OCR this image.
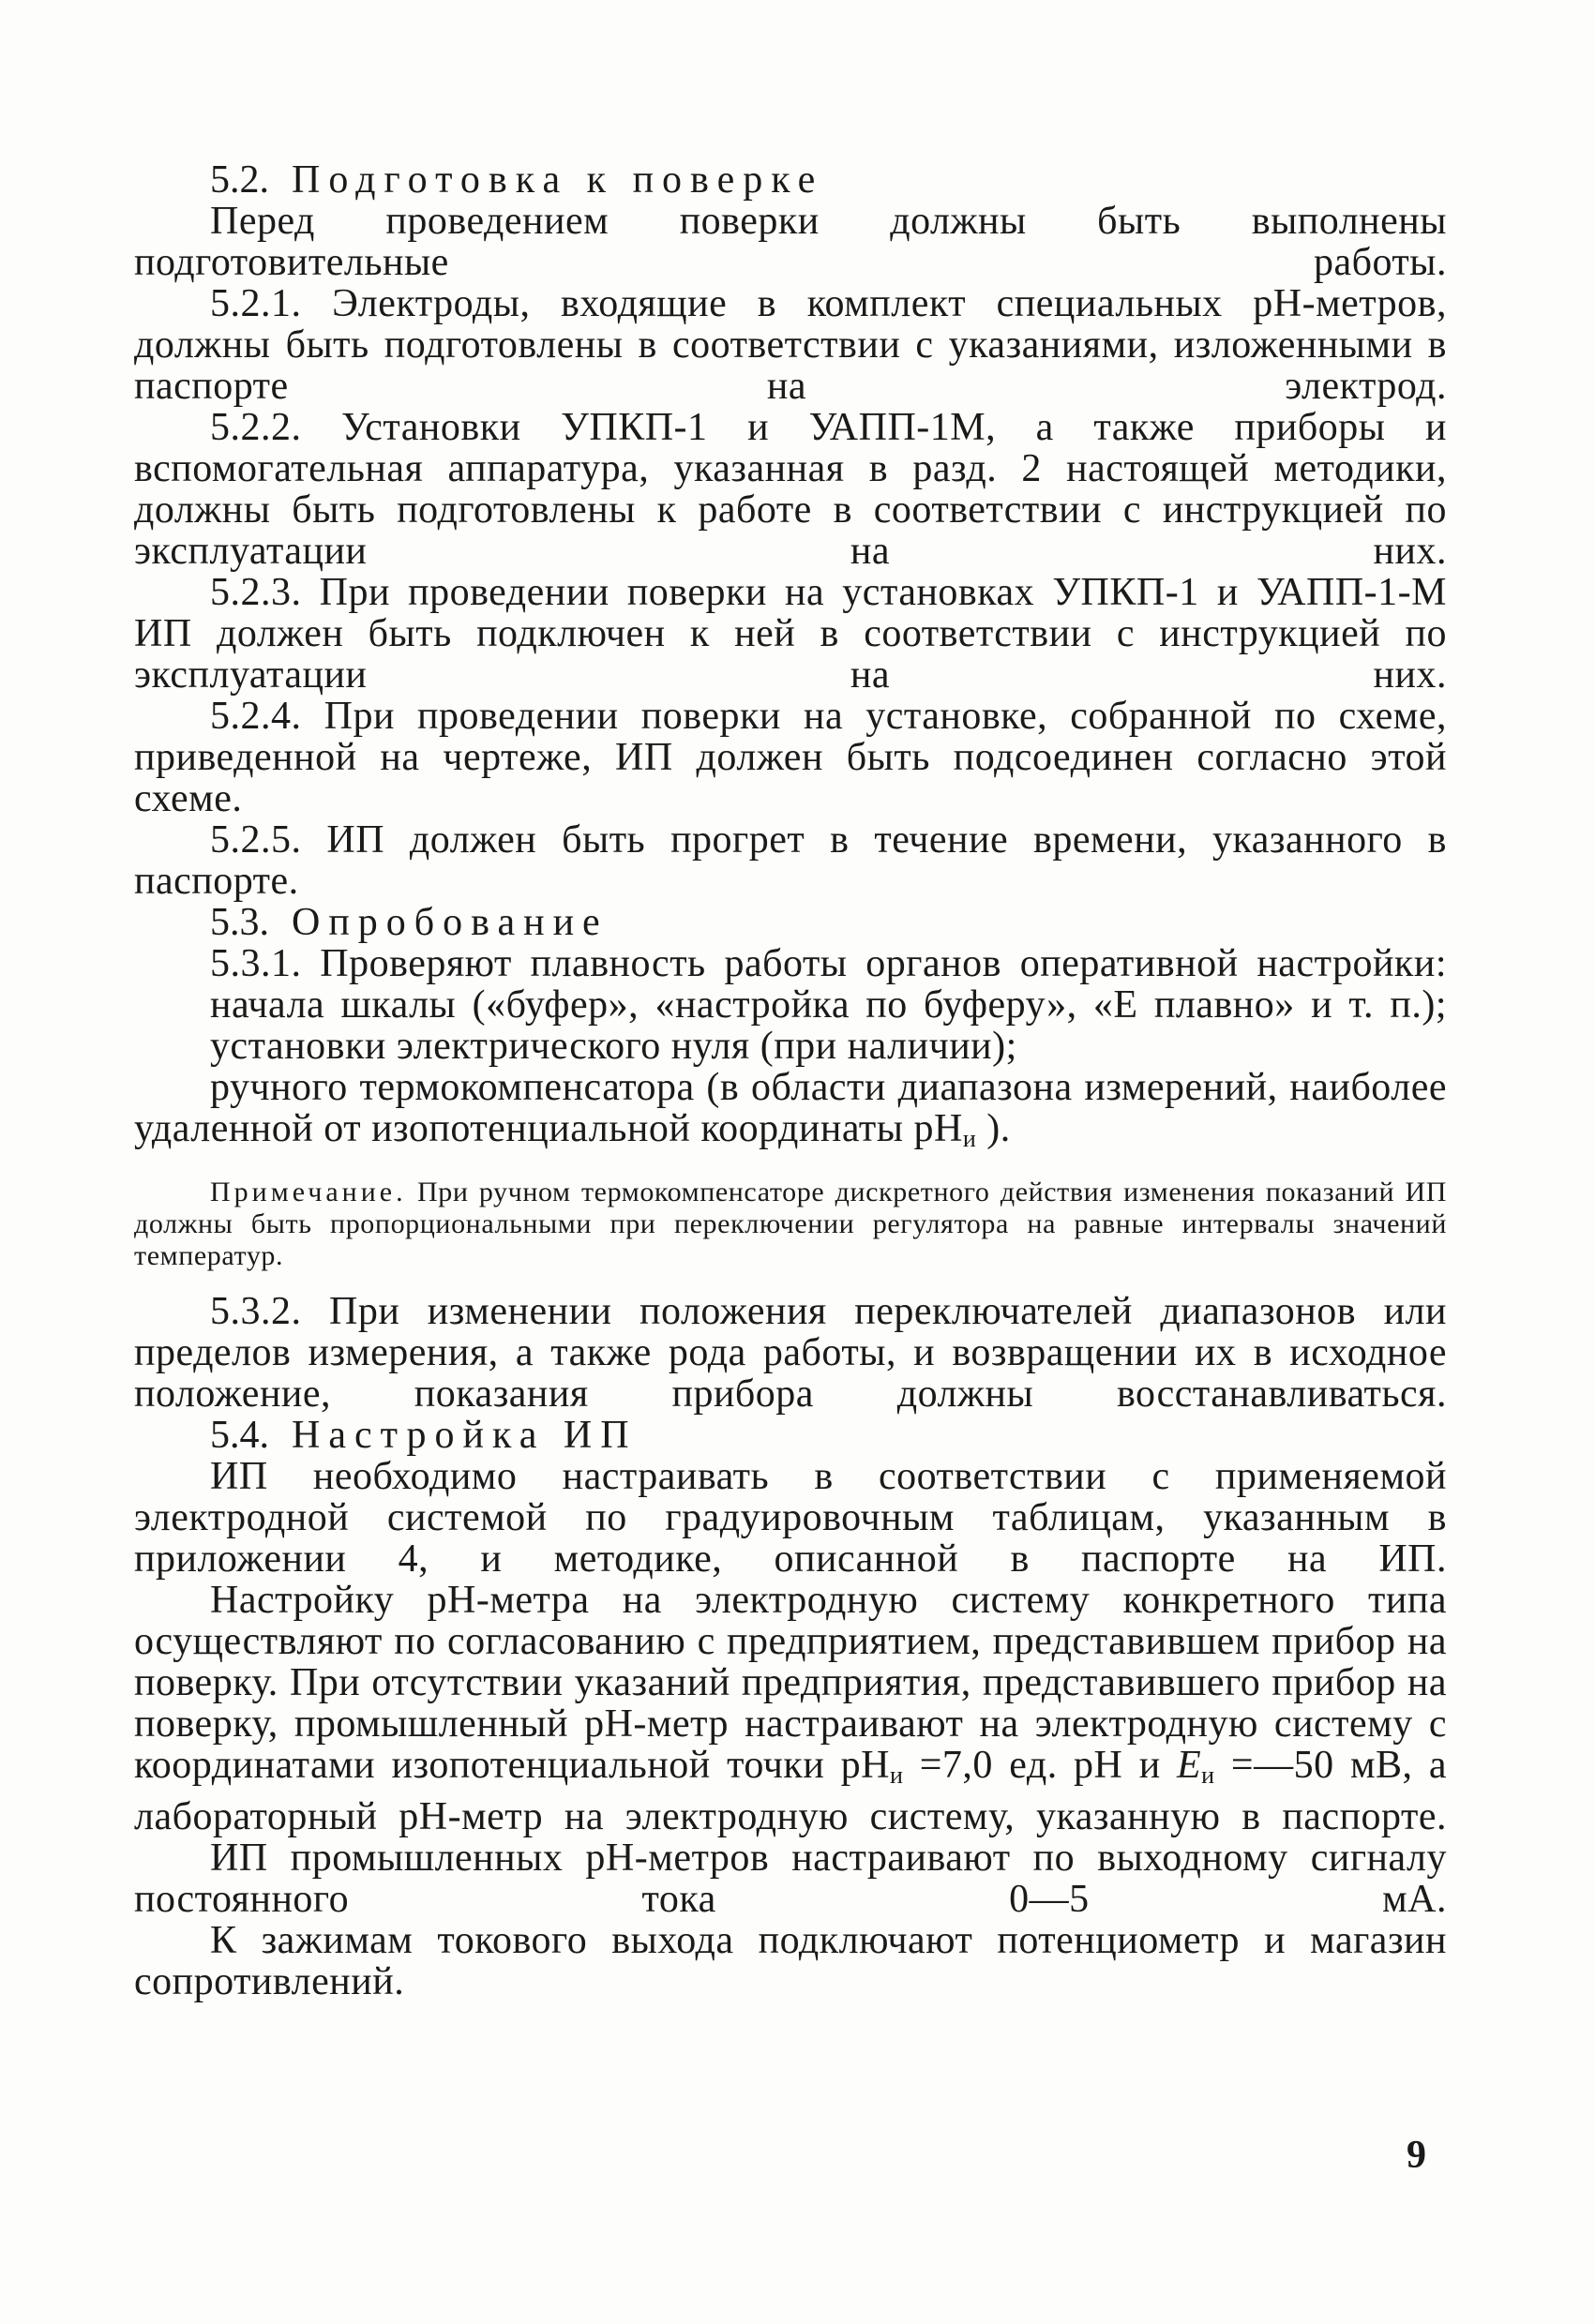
5.2. Подготовка к поверке

Перед проведением поверки должны быть выполнены подготовительные работы.

5.2.1. Электроды, входящие в комплект специальных pH-метров, должны быть подготовлены в соответствии с указаниями, изложенными в паспорте на электрод.

5.2.2. Установки УПКП-1 и УАПП-1М, а также приборы и вспомогательная аппаратура, указанная в разд. 2 настоящей методики, должны быть подготовлены к работе в соответствии с инструкцией по эксплуатации на них.

5.2.3. При проведении поверки на установках УПКП-1 и УАПП-1-М ИП должен быть подключен к ней в соответствии с инструкцией по эксплуатации на них.

5.2.4. При проведении поверки на установке, собранной по схеме, приведенной на чертеже, ИП должен быть подсоединен согласно этой схеме.

5.2.5. ИП должен быть прогрет в течение времени, указанного в паспорте.

5.3. Опробование

5.3.1. Проверяют плавность работы органов оперативной настройки:

начала шкалы («буфер», «настройка по буферу», «Е плавно» и т. п.);

установки электрического нуля (при наличии);

ручного термокомпенсатора (в области диапазона измерений, наиболее удаленной от изопотенциальной координаты $pH_и$ ).

Примечание. При ручном термокомпенсаторе дискретного действия изменения показаний ИП должны быть пропорциональными при переключении регулятора на равные интервалы значений температур.

5.3.2. При изменении положения переключателей диапазонов или пределов измерения, а также рода работы, и возвращении их в исходное положение, показания прибора должны восстанавливаться.

5.4. Настройка ИП

ИП необходимо настраивать в соответствии с применяемой электродной системой по градуировочным таблицам, указанным в приложении 4, и методике, описанной в паспорте на ИП.

Настройку pH-метра на электродную систему конкретного типа осуществляют по согласованию с предприятием, представившем прибор на поверку. При отсутствии указаний предприятия, представившего прибор на поверку, промышленный pH-метр настраивают на электродную систему с координатами изопотенциальной точки $pH_и =7,0$ ед. pH и $E_и$ =—50 мВ, а лабораторный pH-метр на электродную систему, указанную в паспорте.

ИП промышленных pH-метров настраивают по выходному сигналу постоянного тока 0—5 мА.

К зажимам токового выхода подключают потенциометр и магазин сопротивлений.

9
